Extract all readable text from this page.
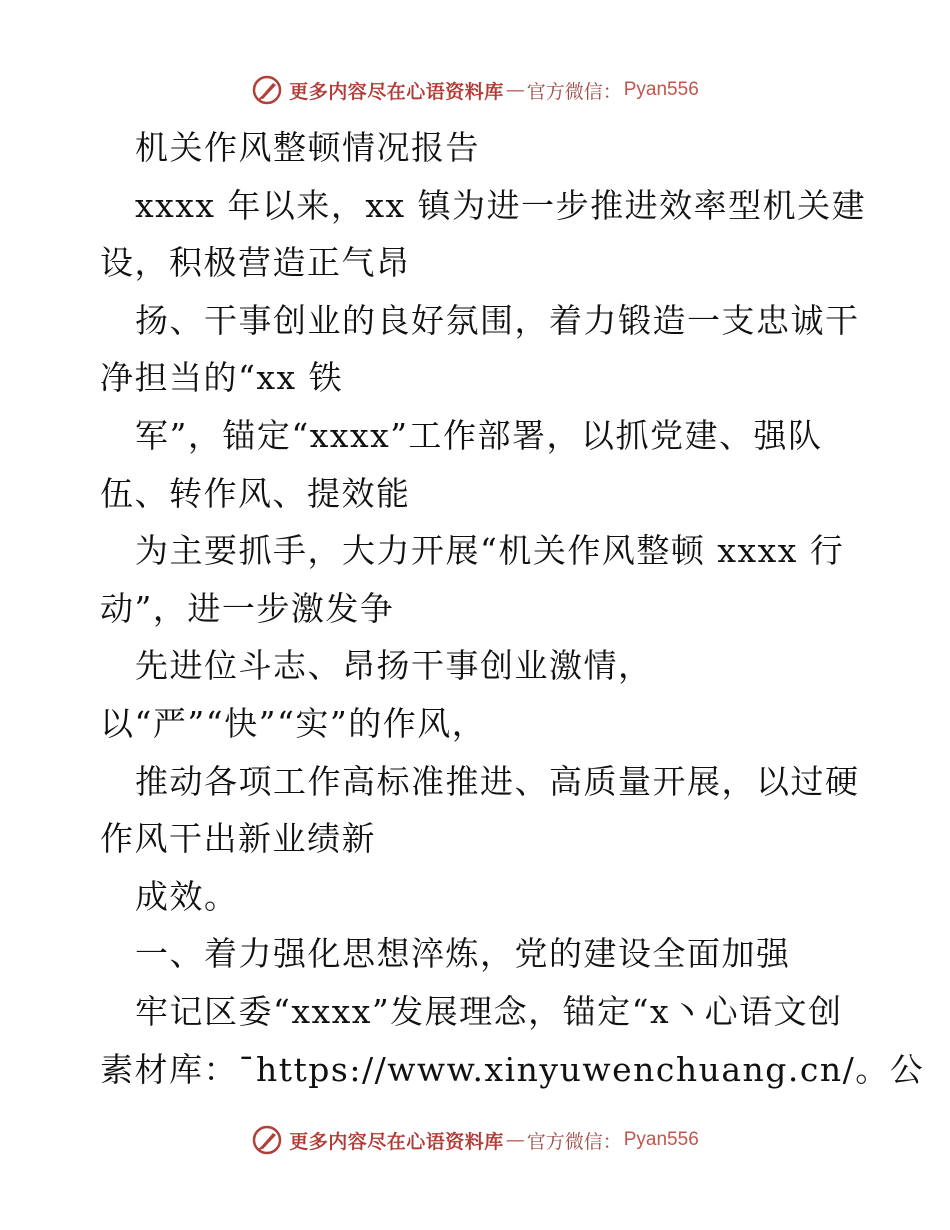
更多内容尽在心语资料库 — 官方微信： Pyan556
机关作风整顿情况报告
xxxx 年以来，xx 镇为进一步推进效率型机关建
设，积极营造正气昂
扬、干事创业的良好氛围，着力锻造一支忠诚干
净担当的“xx 铁
军”，锚定“xxxx”工作部署，以抓党建、强队
伍、转作风、提效能
为主要抓手，大力开展“机关作风整顿 xxxx 行
动”，进一步激发争
先进位斗志、昂扬干事创业激情，
以“严”“快”“实”的作风，
推动各项工作高标准推进、高质量开展，以过硬
作风干出新业绩新
成效。
一、着力强化思想淬炼，党的建设全面加强
牢记区委“xxxx”发展理念，锚定“x丶心语文创
素材库：¯https://www.xinyuwenchuang.cn/。公
更多内容尽在心语资料库 — 官方微信： Pyan556
